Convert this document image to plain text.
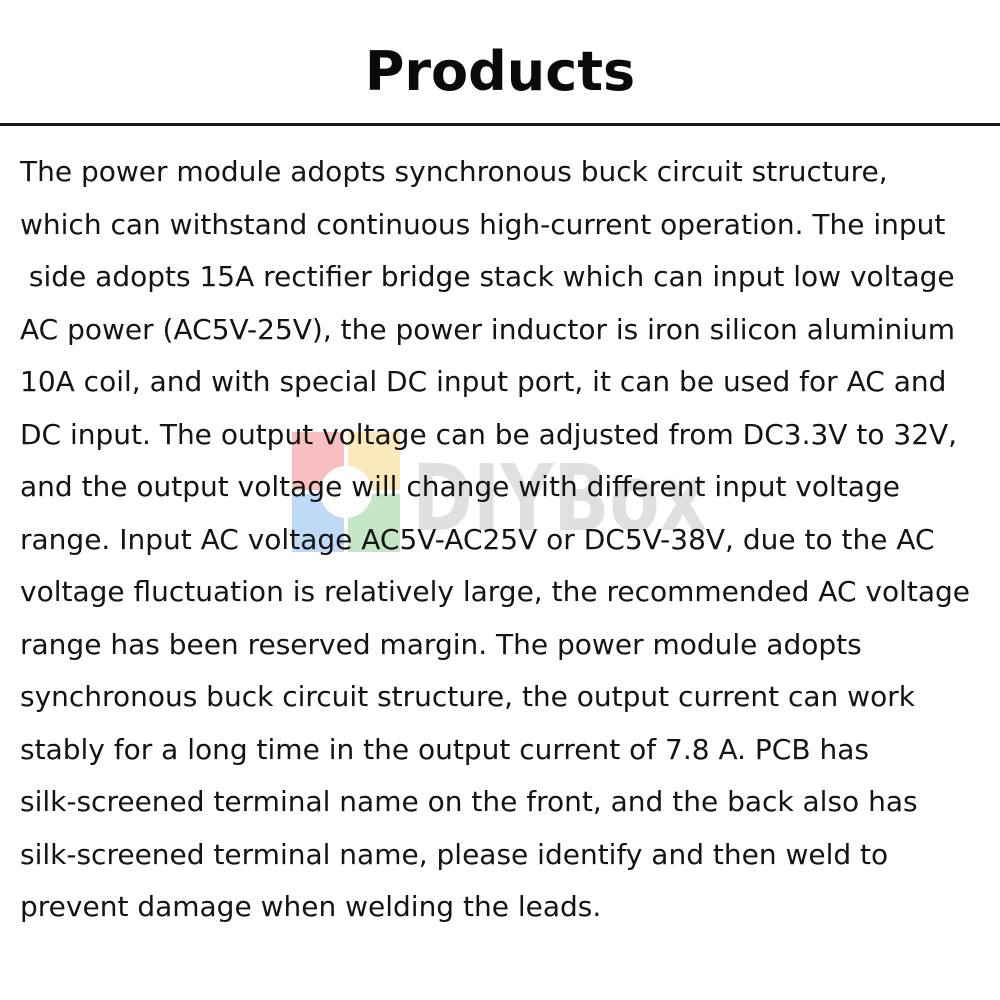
Products
DIYBox
The power module adopts synchronous buck circuit structure,
which can withstand continuous high-current operation. The input
side adopts 15A rectifier bridge stack which can input low voltage
AC power (AC5V-25V), the power inductor is iron silicon aluminium
10A coil, and with special DC input port, it can be used for AC and
DC input. The output voltage can be adjusted from DC3.3V to 32V,
and the output voltage will change with different input voltage
range. Input AC voltage AC5V-AC25V or DC5V-38V, due to the AC
voltage fluctuation is relatively large, the recommended AC voltage
range has been reserved margin. The power module adopts
synchronous buck circuit structure, the output current can work
stably for a long time in the output current of 7.8 A. PCB has
silk-screened terminal name on the front, and the back also has
silk-screened terminal name, please identify and then weld to
prevent damage when welding the leads.
